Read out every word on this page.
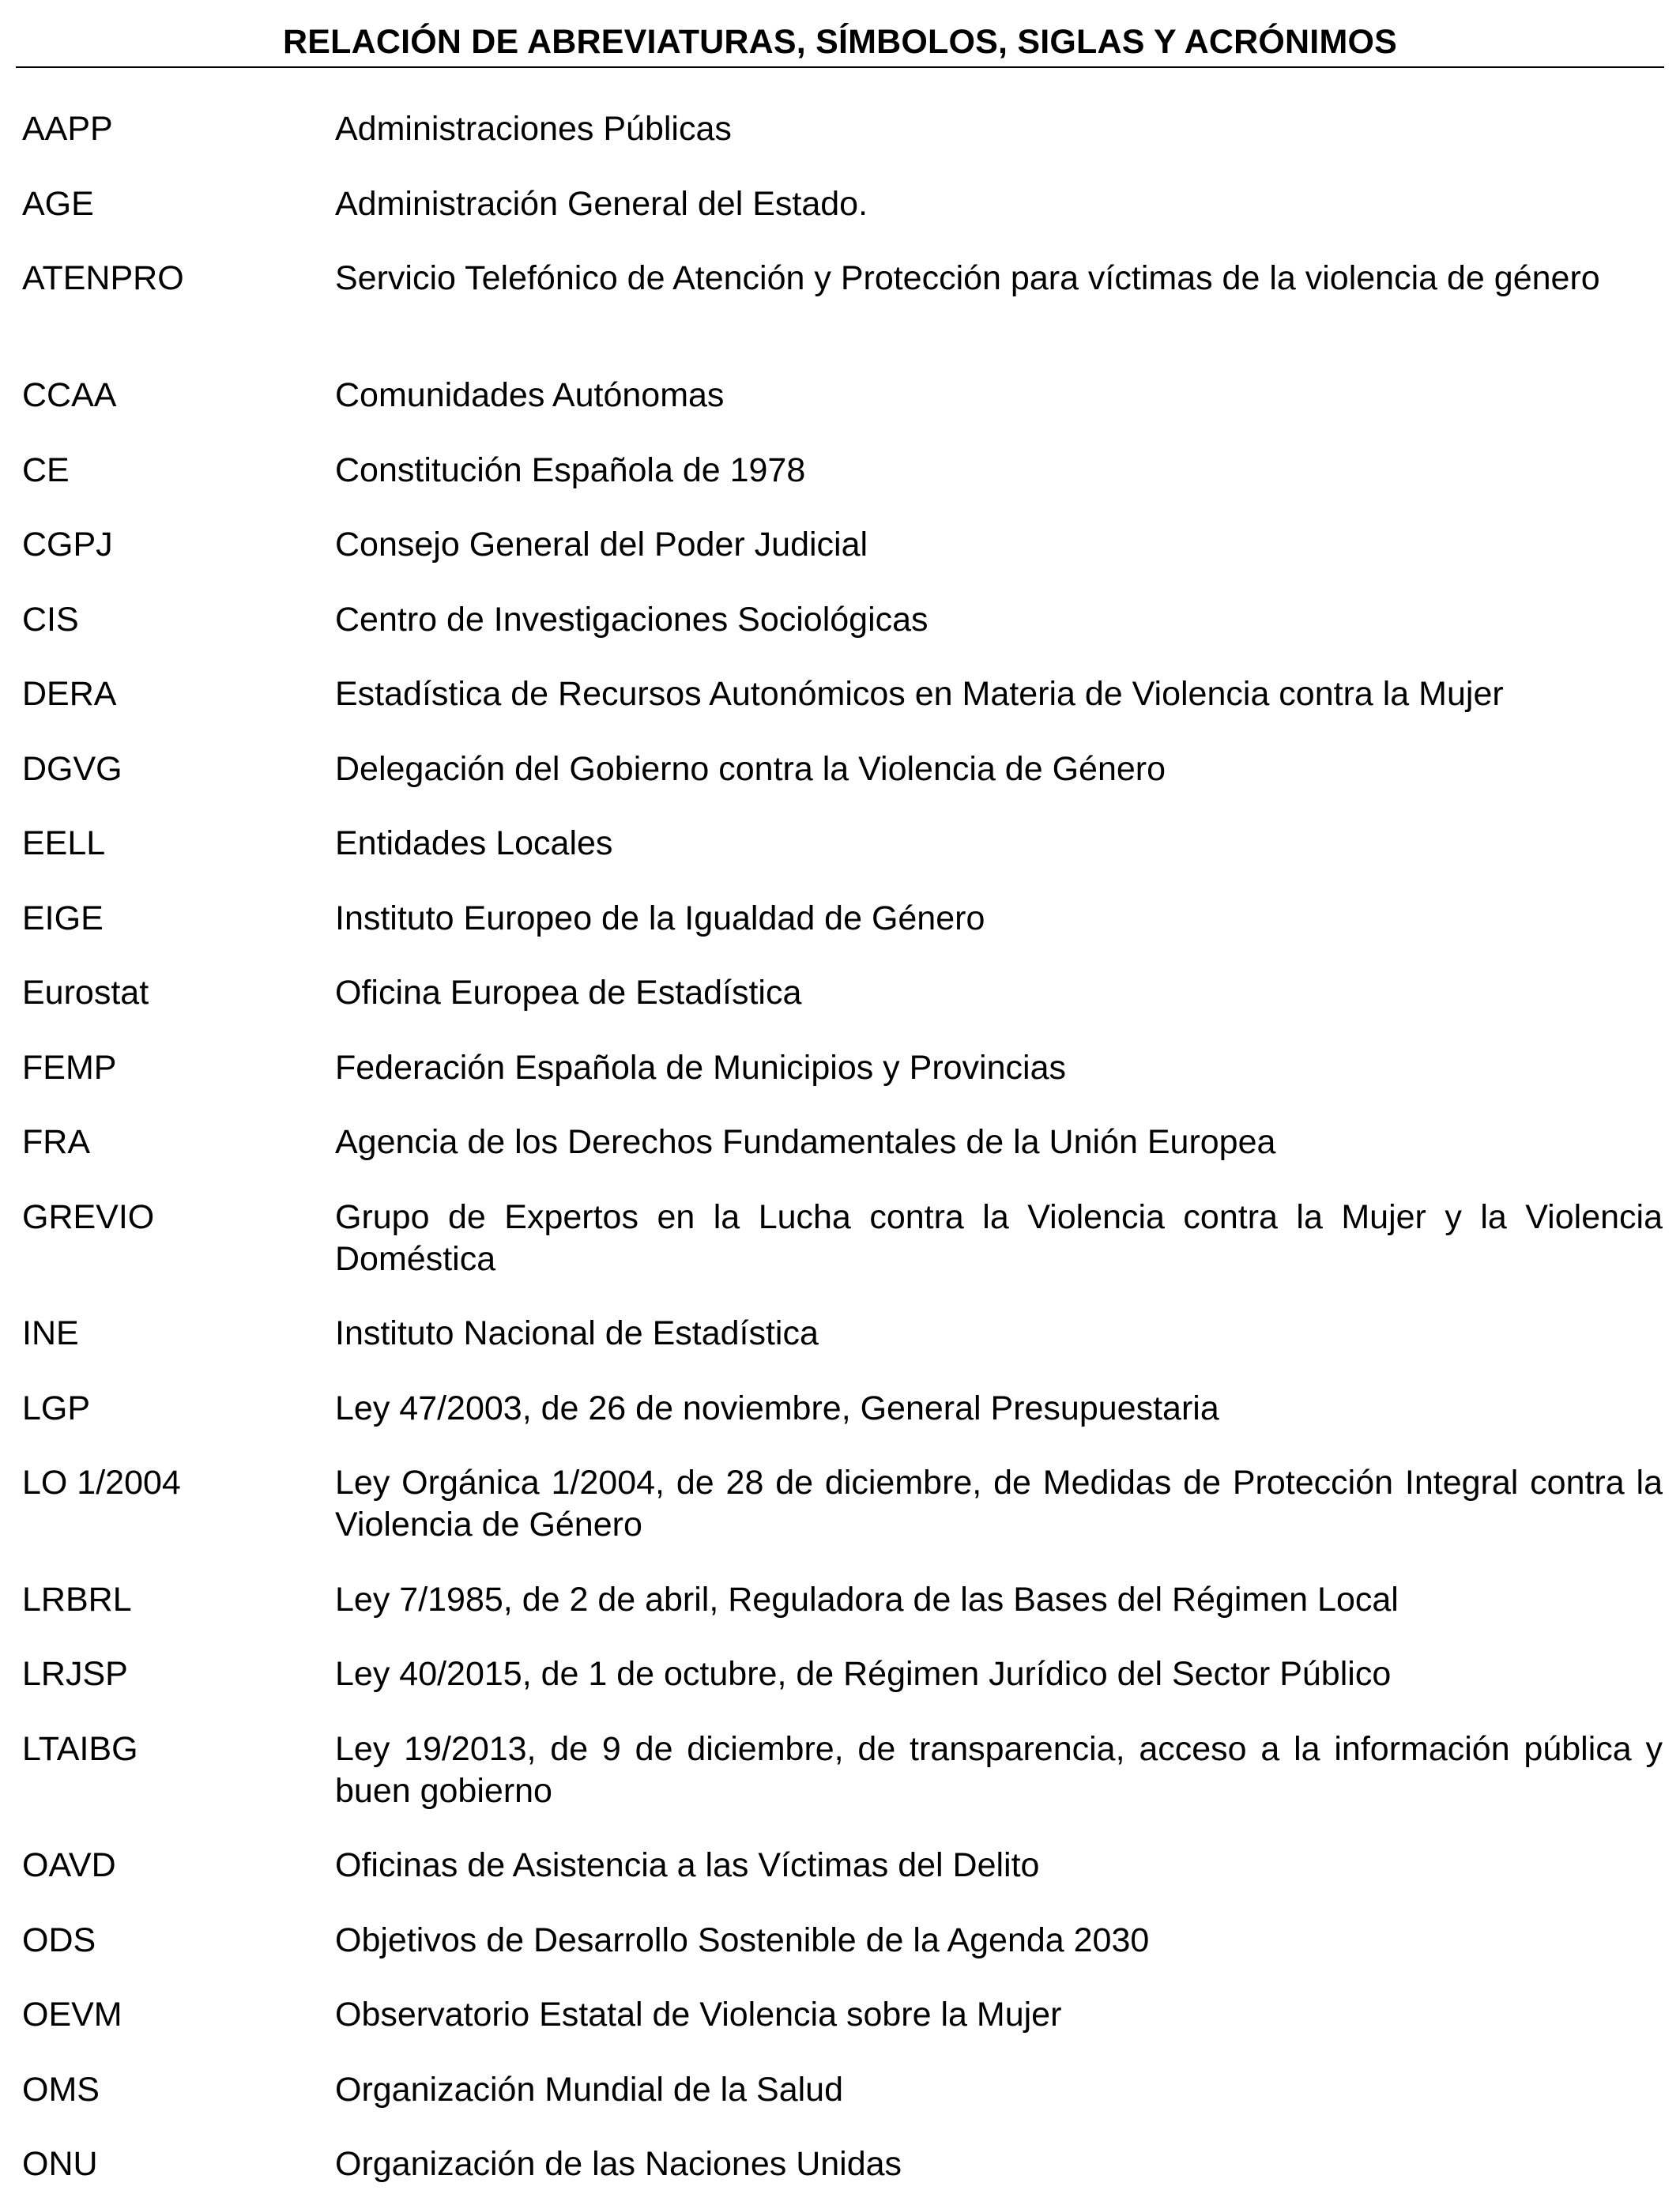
RELACIÓN DE ABREVIATURAS, SÍMBOLOS, SIGLAS Y ACRÓNIMOS
AAPP	Administraciones Públicas
AGE	Administración General del Estado.
ATENPRO	Servicio Telefónico de Atención y Protección para víctimas de la violencia de género
CCAA	Comunidades Autónomas
CE	Constitución Española de 1978
CGPJ	Consejo General del Poder Judicial
CIS	Centro de Investigaciones Sociológicas
DERA	Estadística de Recursos Autonómicos en Materia de Violencia contra la Mujer
DGVG	Delegación del Gobierno contra la Violencia de Género
EELL	Entidades Locales
EIGE	Instituto Europeo de la Igualdad de Género
Eurostat	Oficina Europea de Estadística
FEMP	Federación Española de Municipios y Provincias
FRA	Agencia de los Derechos Fundamentales de la Unión Europea
GREVIO	Grupo de Expertos en la Lucha contra la Violencia contra la Mujer y la Violencia Doméstica
INE	Instituto Nacional de Estadística
LGP	Ley 47/2003, de 26 de noviembre, General Presupuestaria
LO 1/2004	Ley Orgánica 1/2004, de 28 de diciembre, de Medidas de Protección Integral contra la Violencia de Género
LRBRL	Ley 7/1985, de 2 de abril, Reguladora de las Bases del Régimen Local
LRJSP	Ley 40/2015, de 1 de octubre, de Régimen Jurídico del Sector Público
LTAIBG	Ley 19/2013, de 9 de diciembre, de transparencia, acceso a la información pública y buen gobierno
OAVD	Oficinas de Asistencia a las Víctimas del Delito
ODS	Objetivos de Desarrollo Sostenible de la Agenda 2030
OEVM	Observatorio Estatal de Violencia sobre la Mujer
OMS	Organización Mundial de la Salud
ONU	Organización de las Naciones Unidas
